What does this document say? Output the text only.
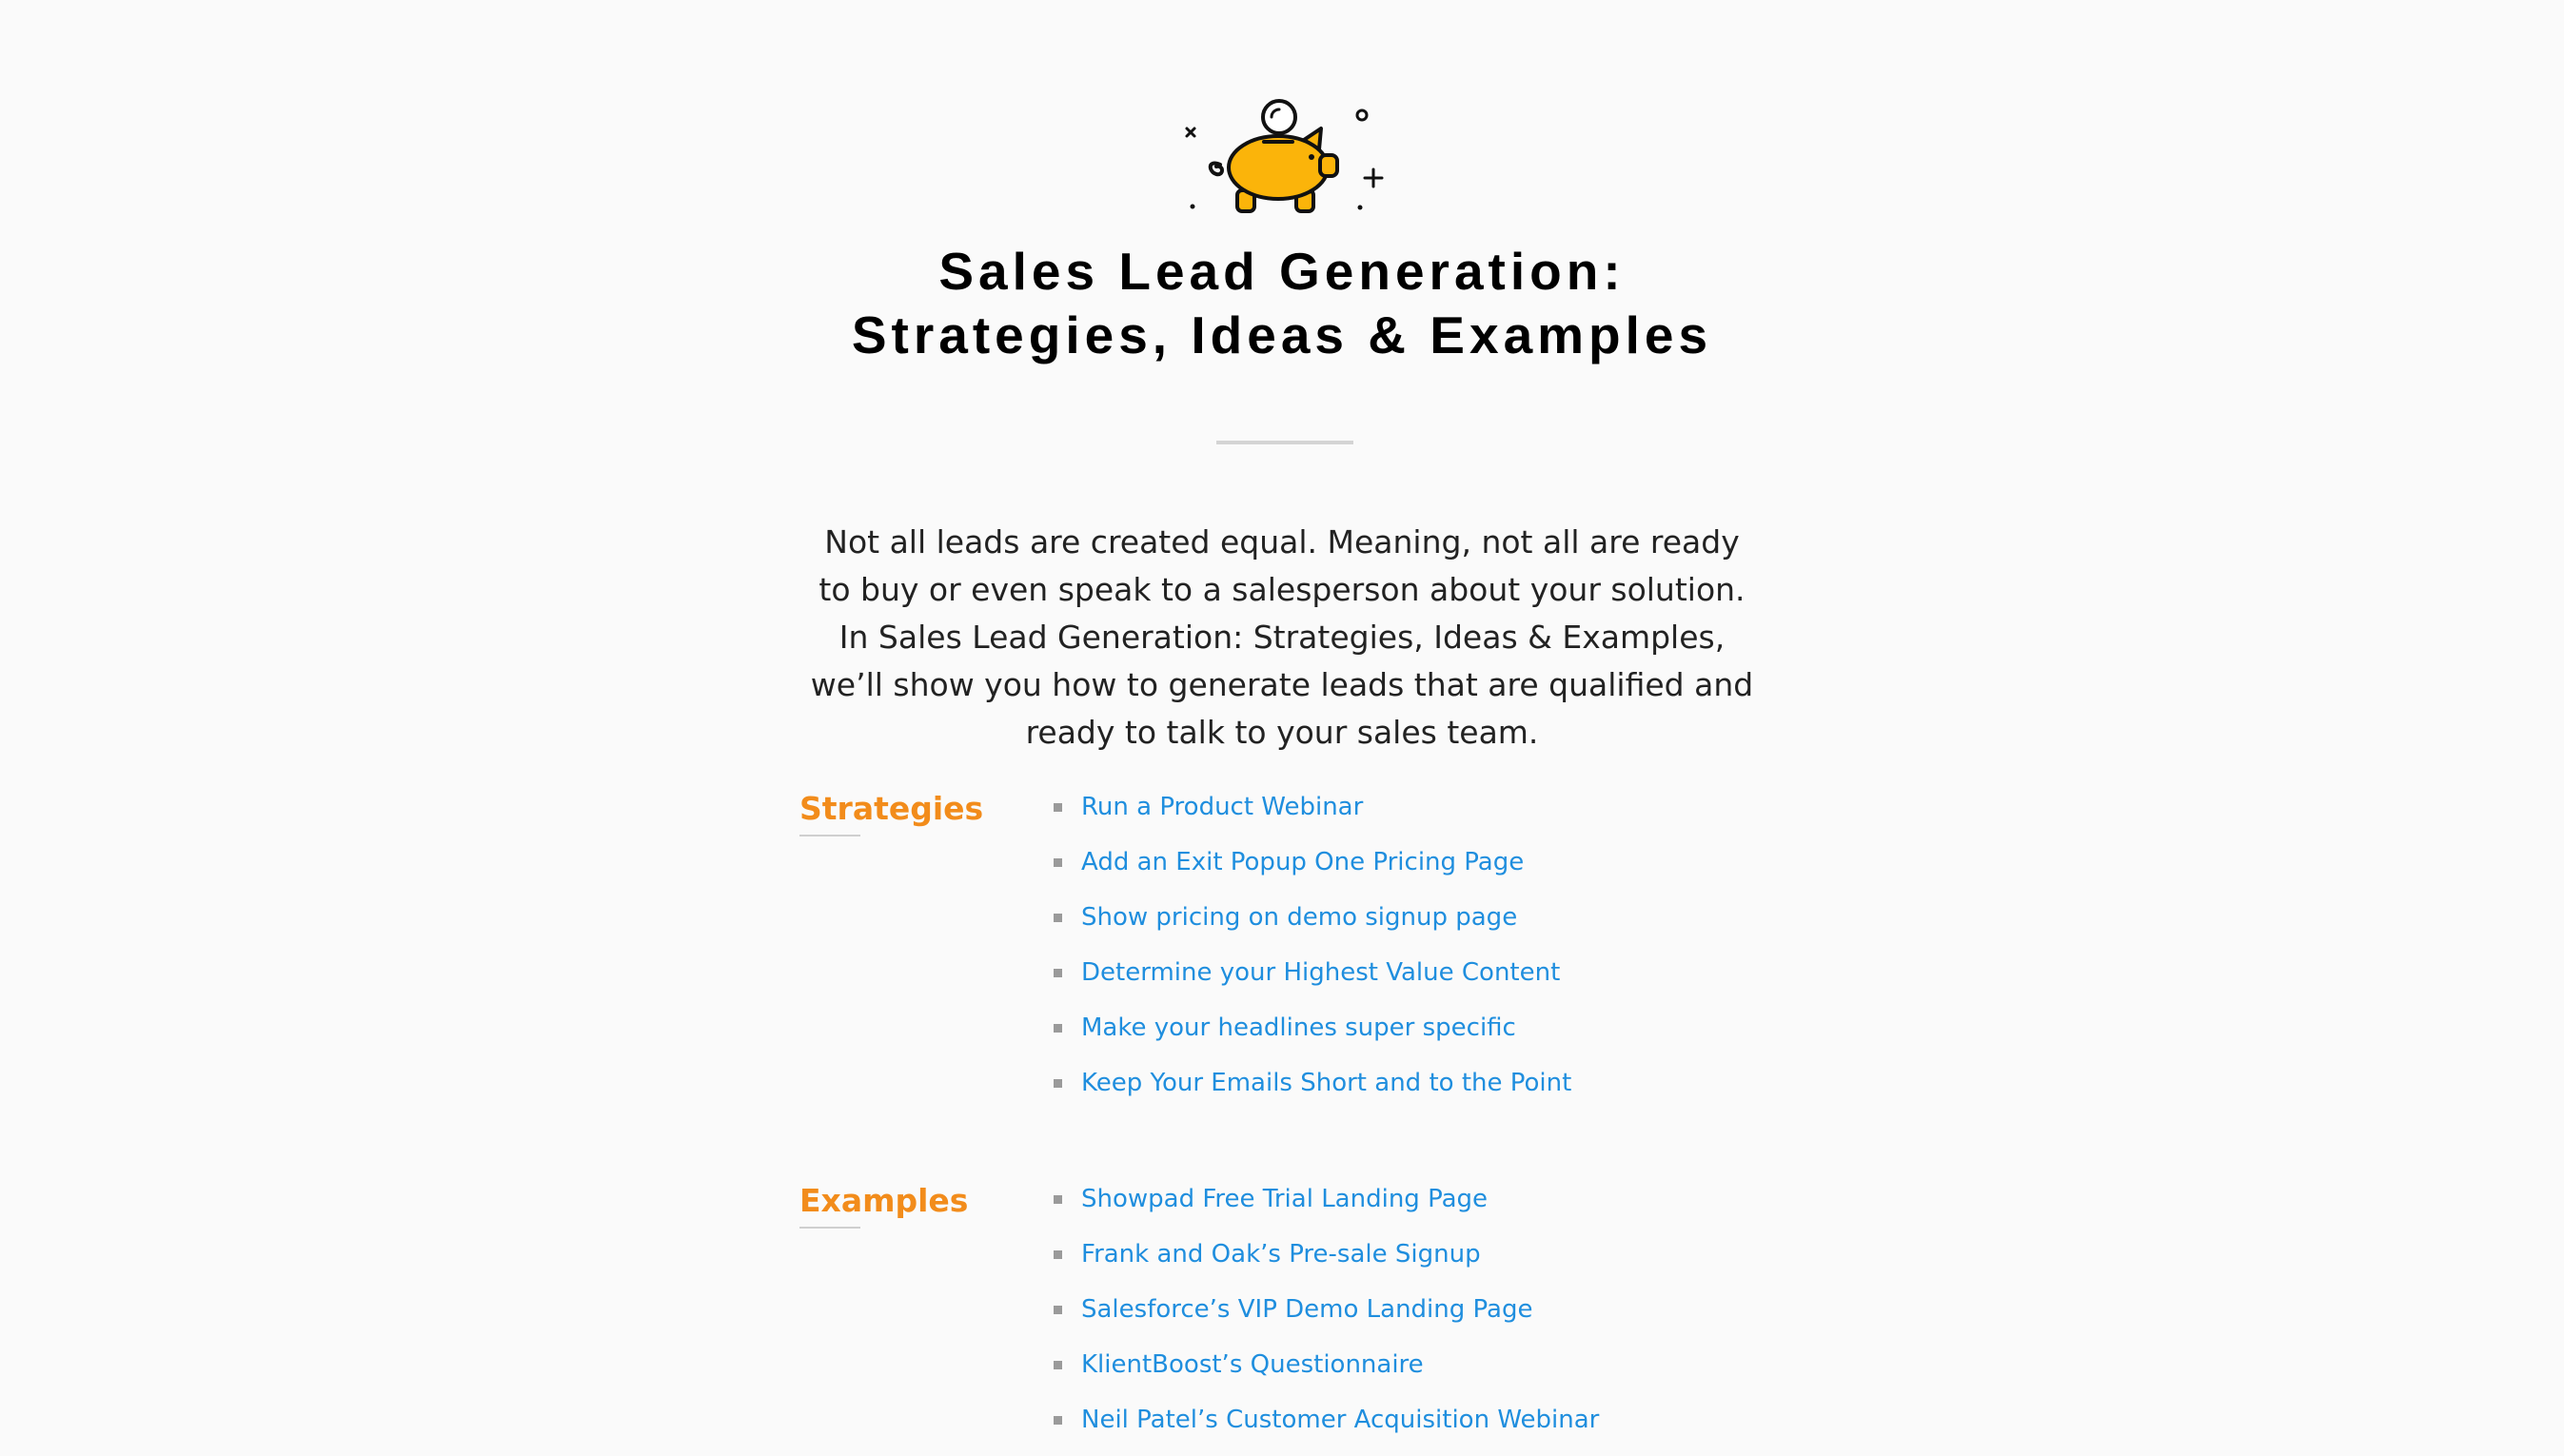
Sales Lead Generation:
Strategies, Ideas & Examples

Not all leads are created equal. Meaning, not all are ready to buy or even speak to a salesperson about your solution. In Sales Lead Generation: Strategies, Ideas & Examples, we’ll show you how to generate leads that are qualified and ready to talk to your sales team.

Strategies	Run a Product Webinar
Add an Exit Popup One Pricing Page
Show pricing on demo signup page
Determine your Highest Value Content
Make your headlines super specific
Keep Your Emails Short and to the Point
Examples	Showpad Free Trial Landing Page
Frank and Oak’s Pre-sale Signup
Salesforce’s VIP Demo Landing Page
KlientBoost’s Questionnaire
Neil Patel’s Customer Acquisition Webinar
